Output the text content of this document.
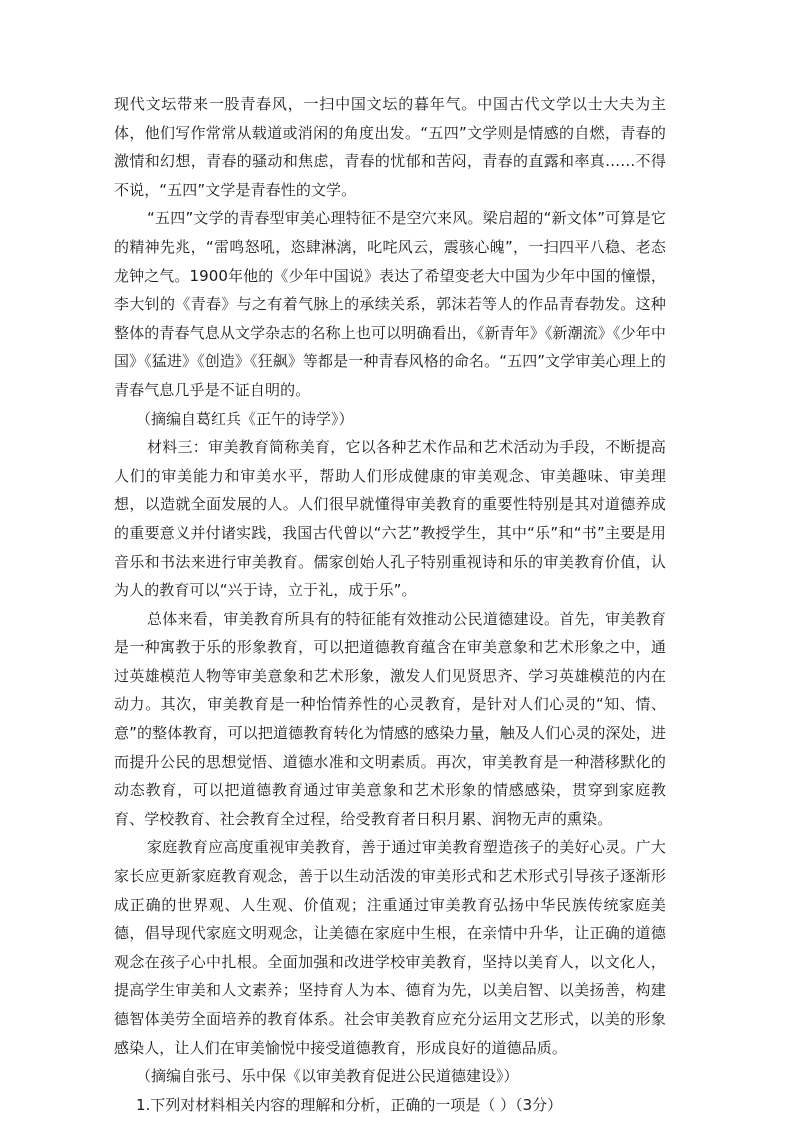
现代文坛带来一股青春风，一扫中国文坛的暮年气。中国古代文学以士大夫为主体，他们写作常常从载道或消闲的角度出发。“五四”文学则是情感的自燃，青春的激情和幻想，青春的骚动和焦虑，青春的忧郁和苦闷，青春的直露和率真……不得不说，“五四”文学是青春性的文学。

“五四”文学的青春型审美心理特征不是空穴来风。梁启超的“新文体”可算是它的精神先兆，“雷鸣怒吼，恣肆淋漓，叱咤风云，震骇心魄”，一扫四平八稳、老态龙钟之气。1900年他的《少年中国说》表达了希望变老大中国为少年中国的憧憬，李大钊的《青春》与之有着气脉上的承续关系，郭沫若等人的作品青春勃发。这种整体的青春气息从文学杂志的名称上也可以明确看出，《新青年》《新潮流》《少年中国》《猛进》《创造》《狂飙》等都是一种青春风格的命名。“五四”文学审美心理上的青春气息几乎是不证自明的。

（摘编自葛红兵《正午的诗学》）

材料三：审美教育简称美育，它以各种艺术作品和艺术活动为手段，不断提高人们的审美能力和审美水平，帮助人们形成健康的审美观念、审美趣味、审美理想，以造就全面发展的人。人们很早就懂得审美教育的重要性特别是其对道德养成的重要意义并付诸实践，我国古代曾以“六艺”教授学生，其中“乐”和“书”主要是用音乐和书法来进行审美教育。儒家创始人孔子特别重视诗和乐的审美教育价值，认为人的教育可以“兴于诗，立于礼，成于乐”。

总体来看，审美教育所具有的特征能有效推动公民道德建设。首先，审美教育是一种寓教于乐的形象教育，可以把道德教育蕴含在审美意象和艺术形象之中，通过英雄模范人物等审美意象和艺术形象，激发人们见贤思齐、学习英雄模范的内在动力。其次，审美教育是一种怡情养性的心灵教育，是针对人们心灵的“知、情、意”的整体教育，可以把道德教育转化为情感的感染力量，触及人们心灵的深处，进而提升公民的思想觉悟、道德水准和文明素质。再次，审美教育是一种潜移默化的动态教育，可以把道德教育通过审美意象和艺术形象的情感感染，贯穿到家庭教育、学校教育、社会教育全过程，给受教育者日积月累、润物无声的熏染。

家庭教育应高度重视审美教育，善于通过审美教育塑造孩子的美好心灵。广大家长应更新家庭教育观念，善于以生动活泼的审美形式和艺术形式引导孩子逐渐形成正确的世界观、人生观、价值观；注重通过审美教育弘扬中华民族传统家庭美德，倡导现代家庭文明观念，让美德在家庭中生根，在亲情中升华，让正确的道德观念在孩子心中扎根。全面加强和改进学校审美教育，坚持以美育人，以文化人，提高学生审美和人文素养；坚持育人为本、德育为先，以美启智、以美扬善，构建德智体美劳全面培养的教育体系。社会审美教育应充分运用文艺形式，以美的形象感染人，让人们在审美愉悦中接受道德教育，形成良好的道德品质。

（摘编自张弓、乐中保《以审美教育促进公民道德建设》）

1.下列对材料相关内容的理解和分析，正确的一项是（ ）（3分）
